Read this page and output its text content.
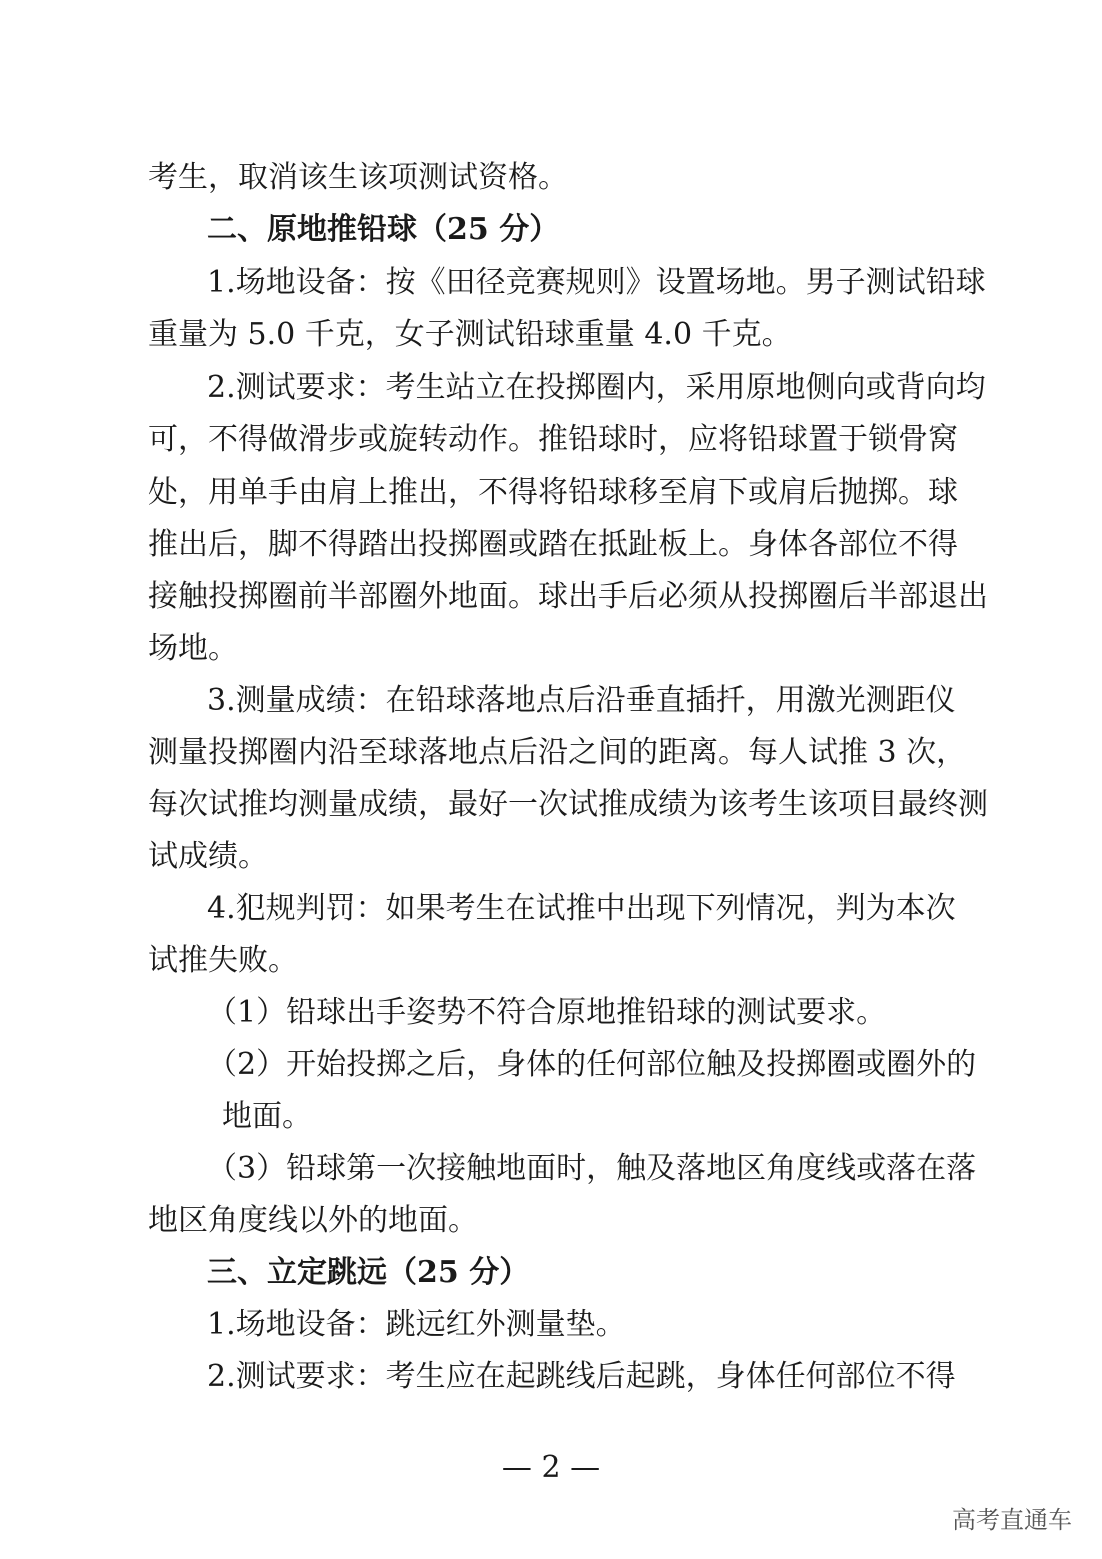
考生，取消该生该项测试资格。
二、原地推铅球（25 分）
1.场地设备：按《田径竞赛规则》设置场地。男子测试铅球
重量为 5.0 千克，女子测试铅球重量 4.0 千克。
2.测试要求：考生站立在投掷圈内，采用原地侧向或背向均
可，不得做滑步或旋转动作。推铅球时，应将铅球置于锁骨窝
处，用单手由肩上推出，不得将铅球移至肩下或肩后抛掷。球
推出后，脚不得踏出投掷圈或踏在抵趾板上。身体各部位不得
接触投掷圈前半部圈外地面。球出手后必须从投掷圈后半部退出
场地。
3.测量成绩：在铅球落地点后沿垂直插扦，用激光测距仪
测量投掷圈内沿至球落地点后沿之间的距离。每人试推 3 次，
每次试推均测量成绩，最好一次试推成绩为该考生该项目最终测
试成绩。
4.犯规判罚：如果考生在试推中出现下列情况，判为本次
试推失败。
（1）铅球出手姿势不符合原地推铅球的测试要求。
（2）开始投掷之后，身体的任何部位触及投掷圈或圈外的
地面。
（3）铅球第一次接触地面时，触及落地区角度线或落在落
地区角度线以外的地面。
三、立定跳远（25 分）
1.场地设备：跳远红外测量垫。
2.测试要求：考生应在起跳线后起跳，身体任何部位不得
— 2 —
高考直通车
